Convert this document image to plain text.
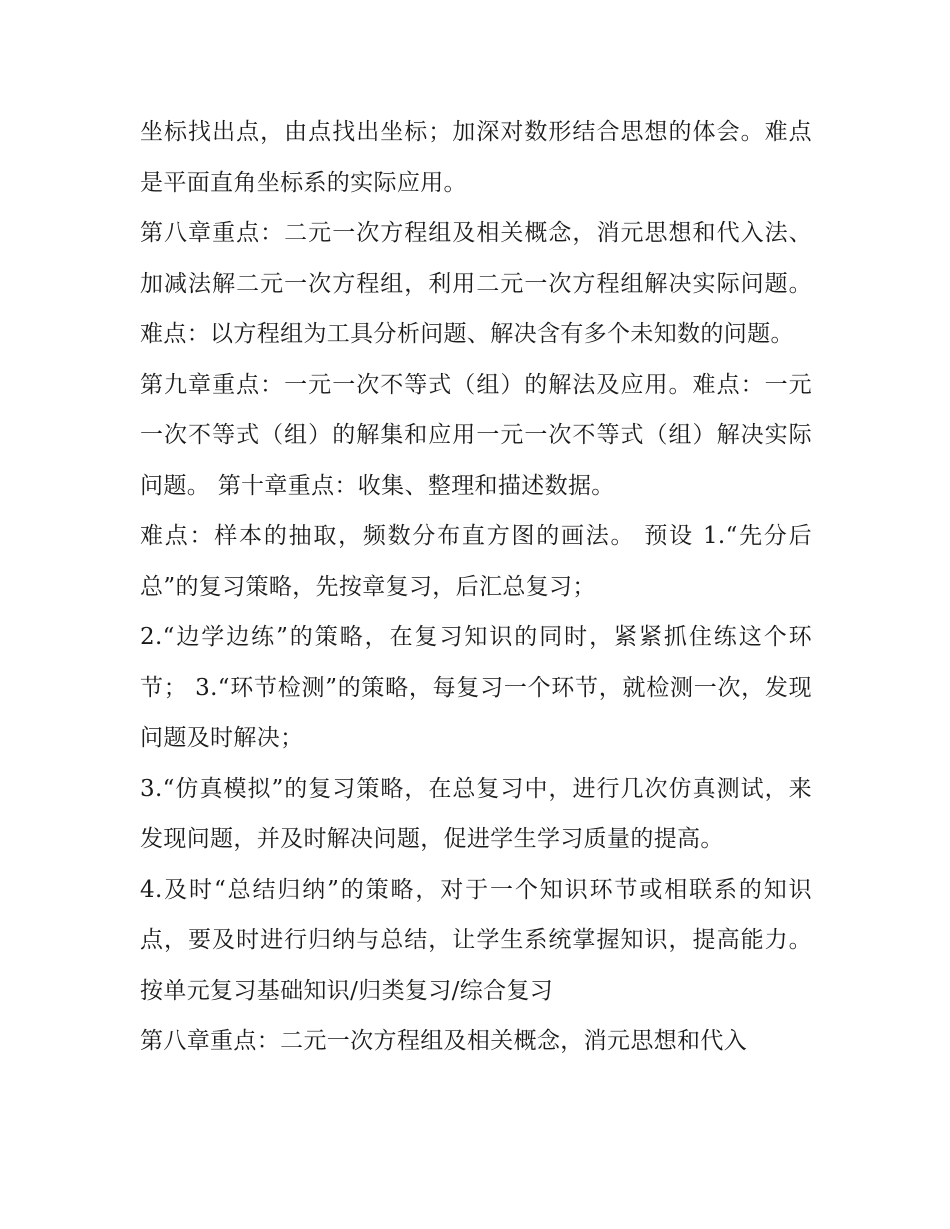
坐标找出点，由点找出坐标；加深对数形结合思想的体会。难点是平面直角坐标系的实际应用。

第八章重点：二元一次方程组及相关概念，消元思想和代入法、加减法解二元一次方程组，利用二元一次方程组解决实际问题。难点：以方程组为工具分析问题、解决含有多个未知数的问题。

第九章重点：一元一次不等式（组）的解法及应用。难点：一元一次不等式（组）的解集和应用一元一次不等式（组）解决实际问题。 第十章重点：收集、整理和描述数据。

难点：样本的抽取，频数分布直方图的画法。 预设 1.“先分后总”的复习策略，先按章复习，后汇总复习；

2.“边学边练”的策略，在复习知识的同时，紧紧抓住练这个环节； 3.“环节检测”的策略，每复习一个环节，就检测一次，发现问题及时解决；

3.“仿真模拟”的复习策略，在总复习中，进行几次仿真测试，来发现问题，并及时解决问题，促进学生学习质量的提高。

4.及时“总结归纳”的策略，对于一个知识环节或相联系的知识点，要及时进行归纳与总结，让学生系统掌握知识，提高能力。 按单元复习基础知识/归类复习/综合复习

第八章重点：二元一次方程组及相关概念，消元思想和代入
